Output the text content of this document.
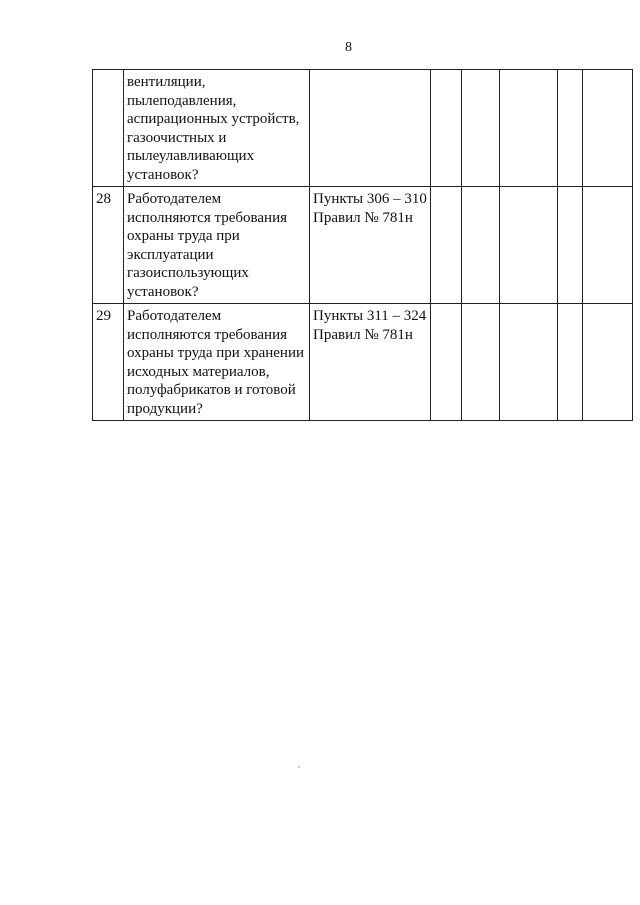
8

	вентиляции, пылеподавления, аспирационных устройств, газоочистных и пылеулавливающих установок?						

28	Работодателем исполняются требования охраны труда при эксплуатации газоиспользующих установок?	Пункты 306 – 310 Правил № 781н					

29	Работодателем исполняются требования охраны труда при хранении исходных материалов, полуфабрикатов и готовой продукции?	Пункты 311 – 324 Правил № 781н					
